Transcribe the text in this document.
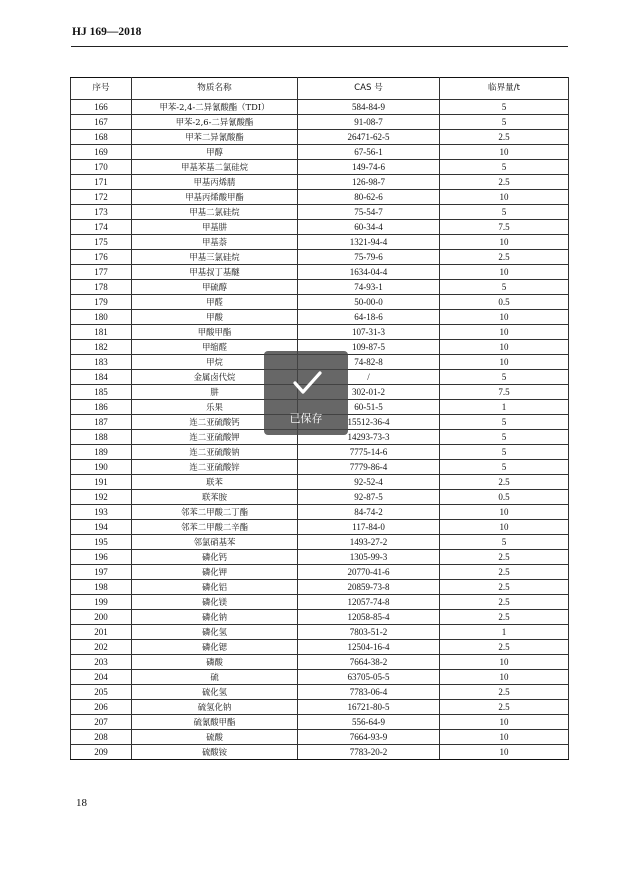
HJ 169—2018
序号	物质名称	CAS 号	临界量/t
166	甲苯-2,4-二异氰酸酯（TDI）	584-84-9	5
167	甲苯-2,6-二异氰酸酯	91-08-7	5
168	甲苯二异氰酸酯	26471-62-5	2.5
169	甲醇	67-56-1	10
170	甲基苯基二氯硅烷	149-74-6	5
171	甲基丙烯腈	126-98-7	2.5
172	甲基丙烯酸甲酯	80-62-6	10
173	甲基二氯硅烷	75-54-7	5
174	甲基肼	60-34-4	7.5
175	甲基萘	1321-94-4	10
176	甲基三氯硅烷	75-79-6	2.5
177	甲基叔丁基醚	1634-04-4	10
178	甲硫醇	74-93-1	5
179	甲醛	50-00-0	0.5
180	甲酸	64-18-6	10
181	甲酸甲酯	107-31-3	10
182	甲缩醛	109-87-5	10
183	甲烷	74-82-8	10
184	金属卤代烷	/	5
185	肼	302-01-2	7.5
186	乐果	60-51-5	1
187	连二亚硫酸钙	15512-36-4	5
188	连二亚硫酸钾	14293-73-3	5
189	连二亚硫酸钠	7775-14-6	5
190	连二亚硫酸锌	7779-86-4	5
191	联苯	92-52-4	2.5
192	联苯胺	92-87-5	0.5
193	邻苯二甲酸二丁酯	84-74-2	10
194	邻苯二甲酸二辛酯	117-84-0	10
195	邻氯硝基苯	1493-27-2	5
196	磷化钙	1305-99-3	2.5
197	磷化钾	20770-41-6	2.5
198	磷化铝	20859-73-8	2.5
199	磷化镁	12057-74-8	2.5
200	磷化钠	12058-85-4	2.5
201	磷化氢	7803-51-2	1
202	磷化锶	12504-16-4	2.5
203	磷酸	7664-38-2	10
204	硫	63705-05-5	10
205	硫化氢	7783-06-4	2.5
206	硫氢化钠	16721-80-5	2.5
207	硫氰酸甲酯	556-64-9	10
208	硫酸	7664-93-9	10
209	硫酸铵	7783-20-2	10
18
已保存
